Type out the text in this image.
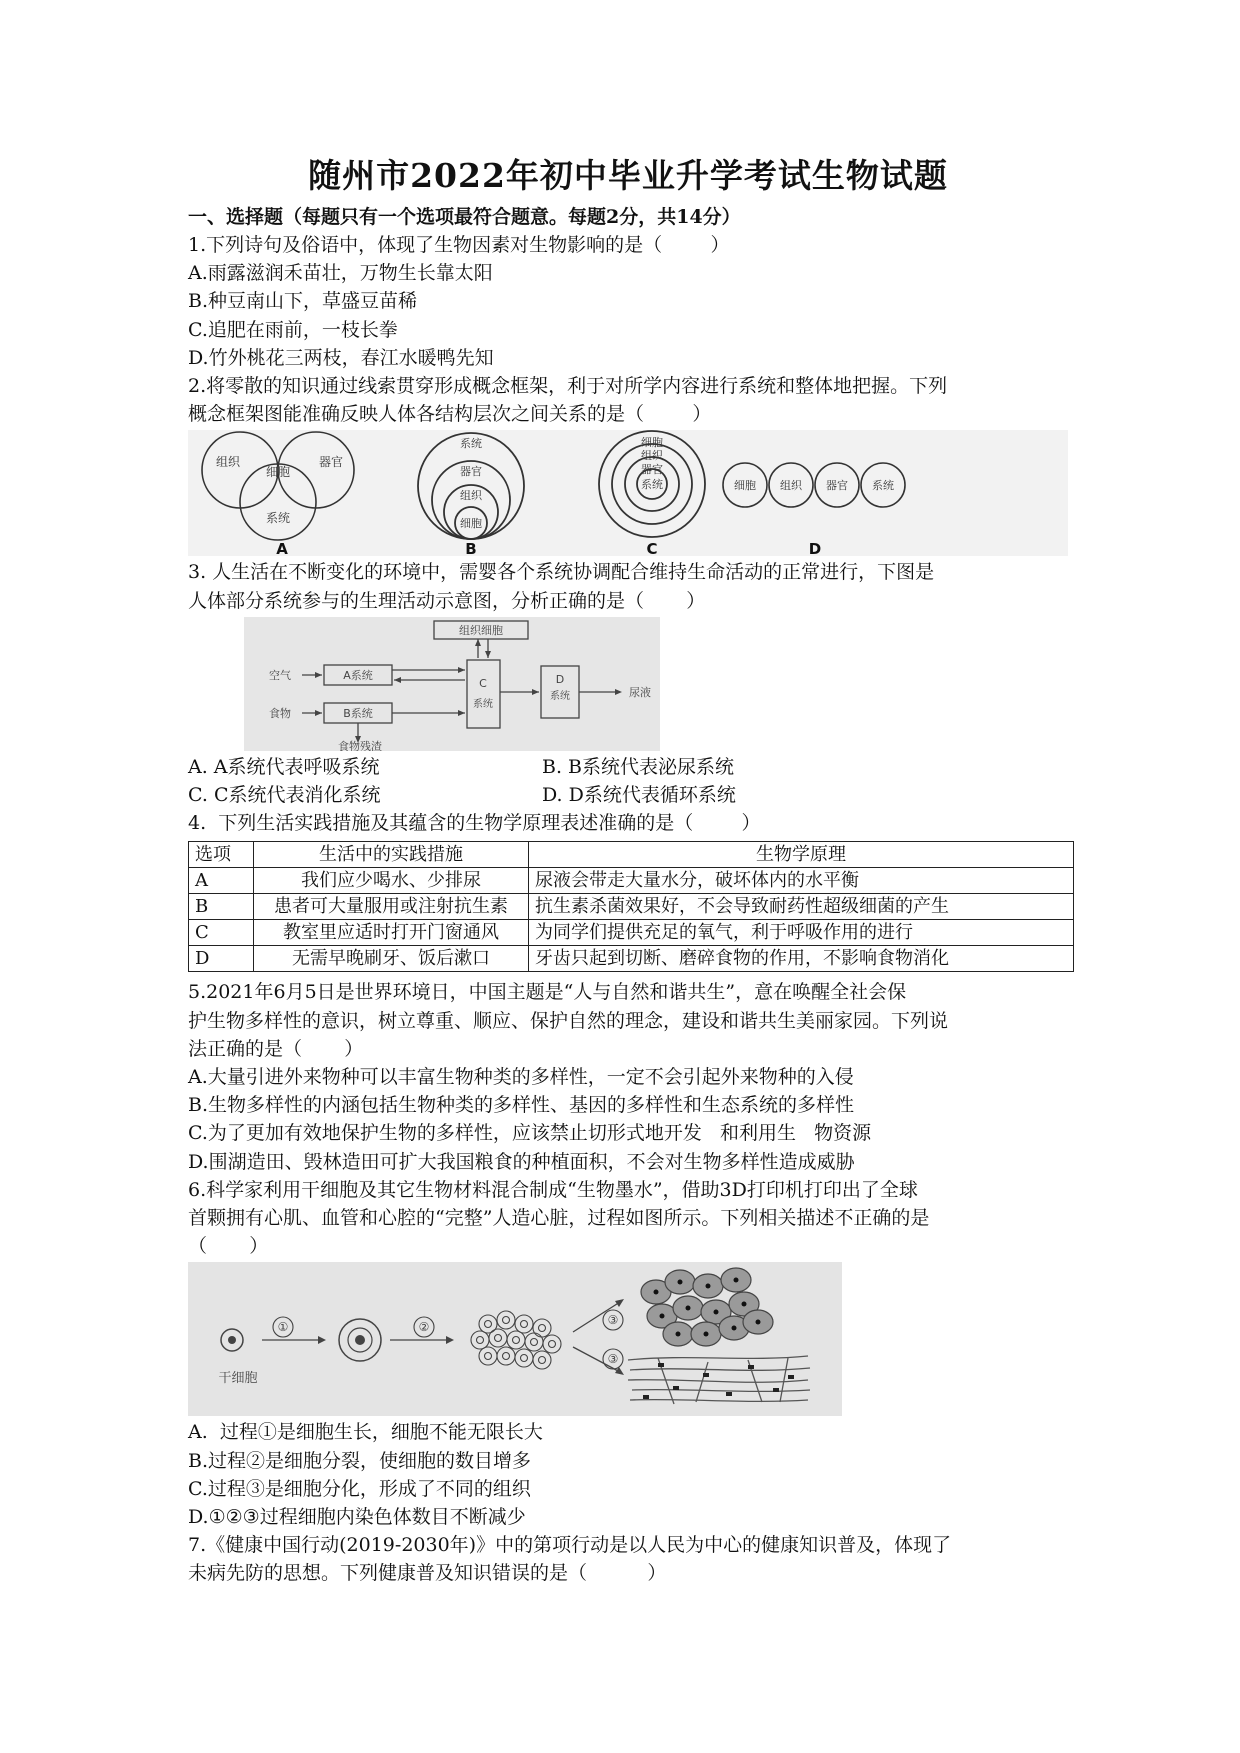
随州市2022年初中毕业升学考试生物试题
一、选择题（每题只有一个选项最符合题意。每题2分，共14分）
1.下列诗句及俗语中，体现了生物因素对生物影响的是（        ）
A.雨露滋润禾苗壮，万物生长靠太阳
B.种豆南山下，草盛豆苗稀
C.追肥在雨前，一枝长拳
D.竹外桃花三两枝，春江水暖鸭先知
2.将零散的知识通过线索贯穿形成概念框架，利于对所学内容进行系统和整体地把握。下列
概念框架图能准确反映人体各结构层次之间关系的是（        ）
组织	器官
细胞
系统
A
系统
器官
组织
细胞
B
细胞
组织
器官
系统
C
细胞 组织 器官 系统
D
3. 人生活在不断变化的环境中，需婴各个系统协调配合维持生命活动的正常进行，下图是
人体部分系统参与的生理活动示意图，分析正确的是（       ）
组织细胞
空气
食物
A系统
B系统
C
系统
D
系统	尿液
食物残渣
A. A系统代表呼吸系统	B. B系统代表泌尿系统
C. C系统代表消化系统	D. D系统代表循环系统
4.  下列生活实践措施及其蕴含的生物学原理表述准确的是（        ）
选项	生活中的实践措施	生物学原理
A	我们应少喝水、少排尿	尿液会带走大量水分，破坏体内的水平衡
B	患者可大量服用或注射抗生素	抗生素杀菌效果好，不会导致耐药性超级细菌的产生
C	教室里应适时打开门窗通风	为同学们提供充足的氧气，利于呼吸作用的进行
D	无需早晚刷牙、饭后漱口	牙齿只起到切断、磨碎食物的作用，不影响食物消化
5.2021年6月5日是世界环境日，中国主题是“人与自然和谐共生”，意在唤醒全社会保
护生物多样性的意识，树立尊重、顺应、保护自然的理念，建设和谐共生美丽家园。下列说
法正确的是（       ）
A.大量引进外来物种可以丰富生物种类的多样性，一定不会引起外来物种的入侵
B.生物多样性的内涵包括生物种类的多样性、基因的多样性和生态系统的多样性
C.为了更加有效地保护生物的多样性，应该禁止切形式地开发   和利用生   物资源
D.围湖造田、毁林造田可扩大我国粮食的种植面积，不会对生物多样性造成威胁
6.科学家利用干细胞及其它生物材料混合制成“生物墨水”，借助3D打印机打印出了全球
首颗拥有心肌、血管和心腔的“完整”人造心脏，过程如图所示。下列相关描述不正确的是
（       ）
①	②	③
③
干细胞
A.  过程①是细胞生长，细胞不能无限长大
B.过程②是细胞分裂，使细胞的数目增多
C.过程③是细胞分化，形成了不同的组织
D.①②③过程细胞内染色体数目不断减少
7.《健康中国行动(2019-2030年)》中的第项行动是以人民为中心的健康知识普及，体现了
未病先防的思想。下列健康普及知识错误的是（          ）
